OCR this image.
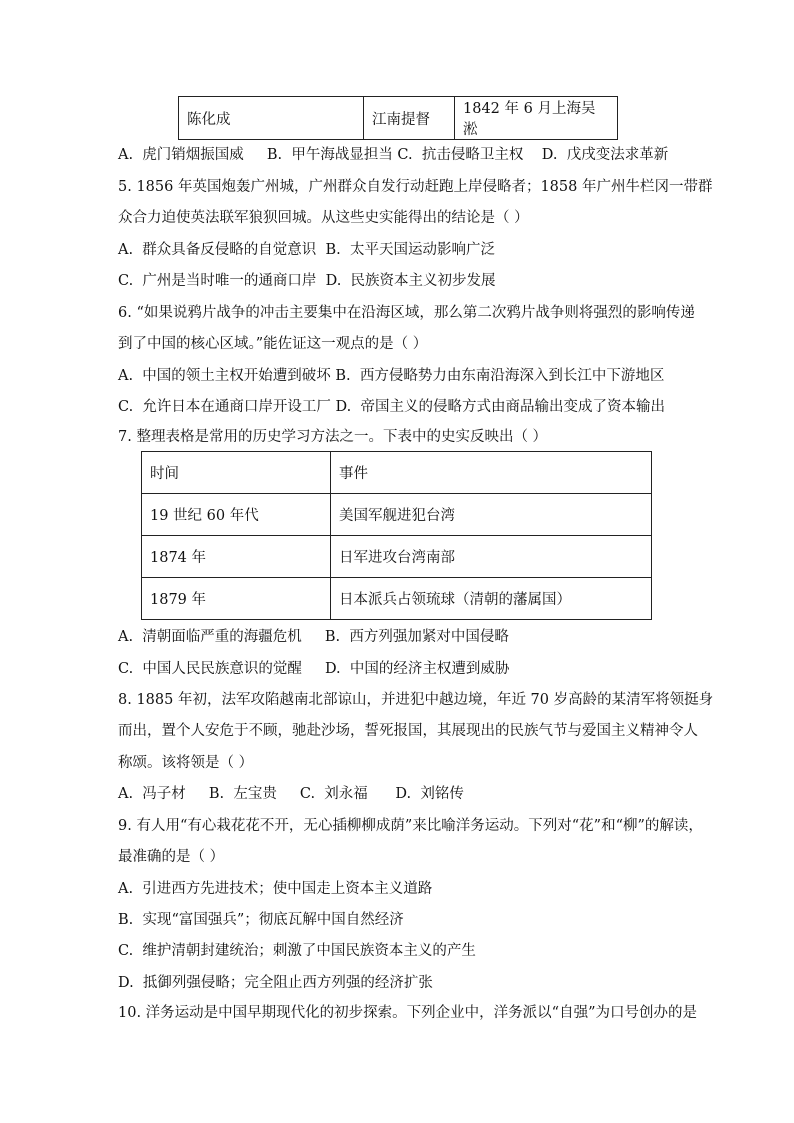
陈化成	江南提督	1842 年 6 月上海吴淞
A.  虎门销烟振国威     B.  甲午海战显担当 C.  抗击侵略卫主权    D.  戊戌变法求革新
5. 1856 年英国炮轰广州城，广州群众自发行动赶跑上岸侵略者；1858 年广州牛栏冈一带群
众合力迫使英法联军狼狈回城。从这些史实能得出的结论是（ ）
A.  群众具备反侵略的自觉意识  B.  太平天国运动影响广泛
C.  广州是当时唯一的通商口岸  D.  民族资本主义初步发展
6. “如果说鸦片战争的冲击主要集中在沿海区域，那么第二次鸦片战争则将强烈的影响传递
到了中国的核心区域。”能佐证这一观点的是（ ）
A.  中国的领土主权开始遭到破坏 B.  西方侵略势力由东南沿海深入到长江中下游地区
C.  允许日本在通商口岸开设工厂 D.  帝国主义的侵略方式由商品输出变成了资本输出
7. 整理表格是常用的历史学习方法之一。下表中的史实反映出（ ）
时间	事件
19 世纪 60 年代	美国军舰进犯台湾
1874 年	日军进攻台湾南部
1879 年	日本派兵占领琉球（清朝的藩属国）
A.  清朝面临严重的海疆危机     B.  西方列强加紧对中国侵略
C.  中国人民民族意识的觉醒     D.  中国的经济主权遭到威胁
8. 1885 年初，法军攻陷越南北部谅山，并进犯中越边境，年近 70 岁高龄的某清军将领挺身
而出，置个人安危于不顾，驰赴沙场，誓死报国，其展现出的民族气节与爱国主义精神令人
称颂。该将领是（ ）
A.  冯子材     B.  左宝贵     C.  刘永福      D.  刘铭传
9. 有人用“有心栽花花不开，无心插柳柳成荫”来比喻洋务运动。下列对“花”和“柳”的解读，
最准确的是（ ）
A.  引进西方先进技术；使中国走上资本主义道路
B.  实现“富国强兵”；彻底瓦解中国自然经济
C.  维护清朝封建统治；刺激了中国民族资本主义的产生
D.  抵御列强侵略；完全阻止西方列强的经济扩张
10. 洋务运动是中国早期现代化的初步探索。下列企业中，洋务派以“自强”为口号创办的是
